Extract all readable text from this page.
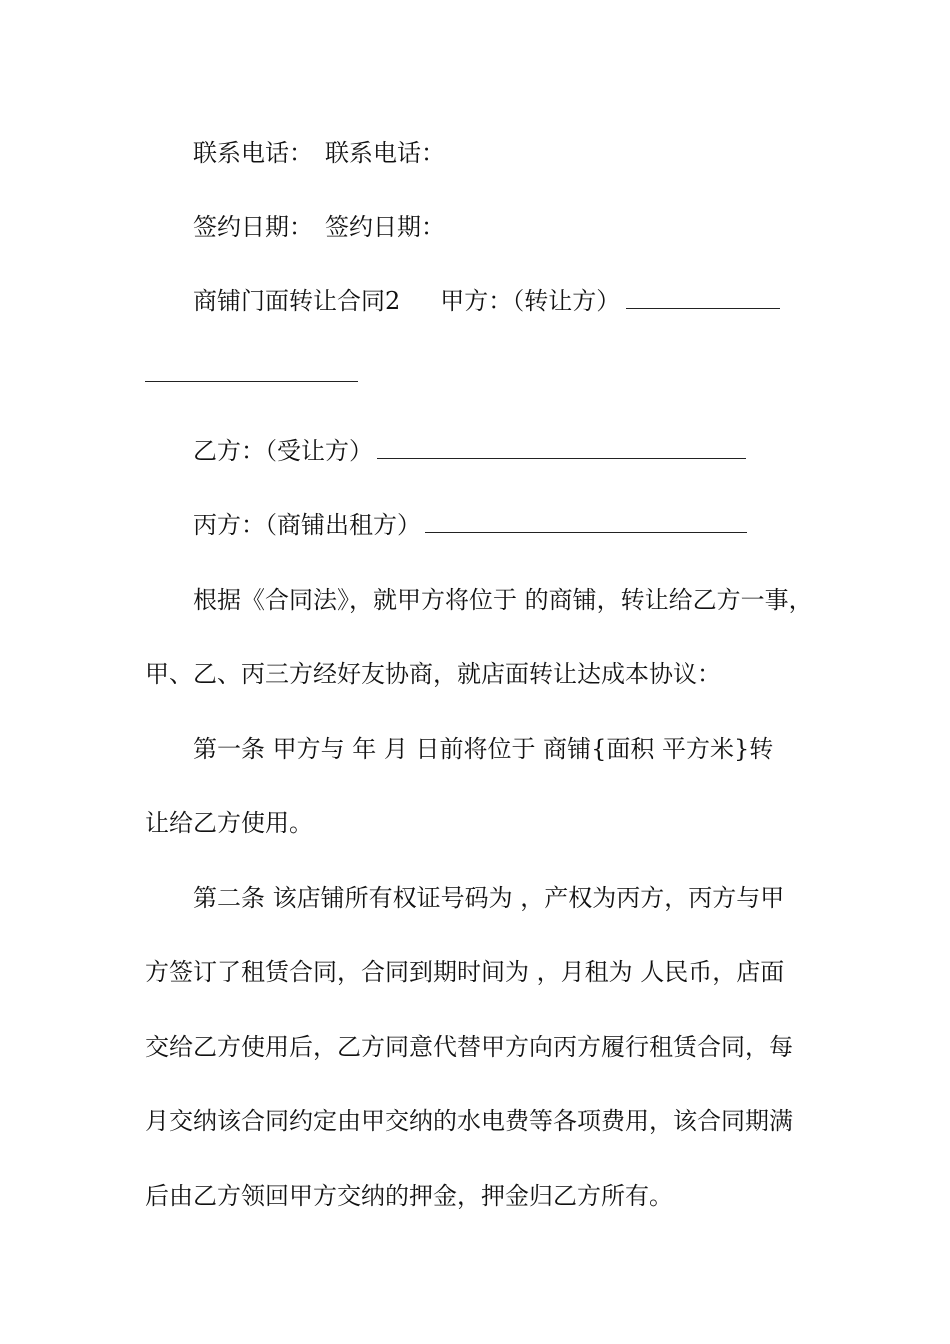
联系电话： 联系电话：
签约日期： 签约日期：
商铺门面转让合同2 甲方：（转让方）
乙方：（受让方）
丙方：（商铺出租方）
根据《合同法》，就甲方将位于 的商铺，转让给乙方一事，
甲、乙、丙三方经好友协商，就店面转让达成本协议：
第一条 甲方与 年 月 日前将位于 商铺{面积 平方米}转
让给乙方使用。
第二条 该店铺所有权证号码为 ，产权为丙方，丙方与甲
方签订了租赁合同，合同到期时间为 ，月租为 人民币，店面
交给乙方使用后，乙方同意代替甲方向丙方履行租赁合同，每
月交纳该合同约定由甲交纳的水电费等各项费用，该合同期满
后由乙方领回甲方交纳的押金，押金归乙方所有。
